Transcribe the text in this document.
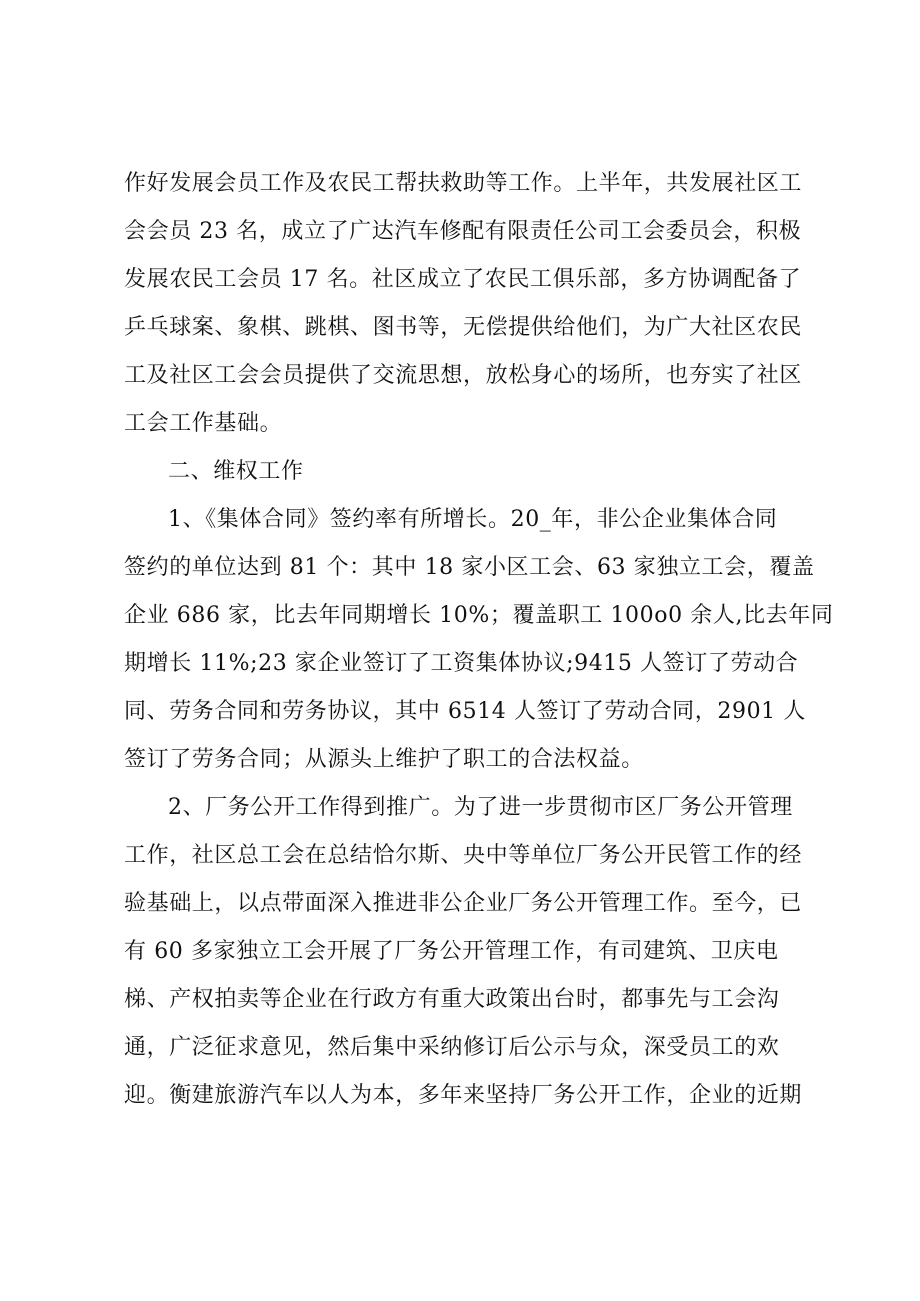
作好发展会员工作及农民工帮扶救助等工作。上半年，共发展社区工
会会员 23 名，成立了广达汽车修配有限责任公司工会委员会，积极
发展农民工会员 17 名。社区成立了农民工俱乐部，多方协调配备了
乒乓球案、象棋、跳棋、图书等，无偿提供给他们，为广大社区农民
工及社区工会会员提供了交流思想，放松身心的场所，也夯实了社区
工会工作基础。
二、维权工作
1、《集体合同》签约率有所增长。20_年，非公企业集体合同
签约的单位达到 81 个：其中 18 家小区工会、63 家独立工会，覆盖
企业 686 家，比去年同期增长 10%；覆盖职工 100o0 余人,比去年同
期增长 11%;23 家企业签订了工资集体协议;9415 人签订了劳动合
同、劳务合同和劳务协议，其中 6514 人签订了劳动合同，2901 人
签订了劳务合同；从源头上维护了职工的合法权益。
2、厂务公开工作得到推广。为了进一步贯彻市区厂务公开管理
工作，社区总工会在总结恰尔斯、央中等单位厂务公开民管工作的经
验基础上，以点带面深入推进非公企业厂务公开管理工作。至今，已
有 60 多家独立工会开展了厂务公开管理工作，有司建筑、卫庆电
梯、产权拍卖等企业在行政方有重大政策出台时，都事先与工会沟
通，广泛征求意见，然后集中采纳修订后公示与众，深受员工的欢
迎。衡建旅游汽车以人为本，多年来坚持厂务公开工作，企业的近期
